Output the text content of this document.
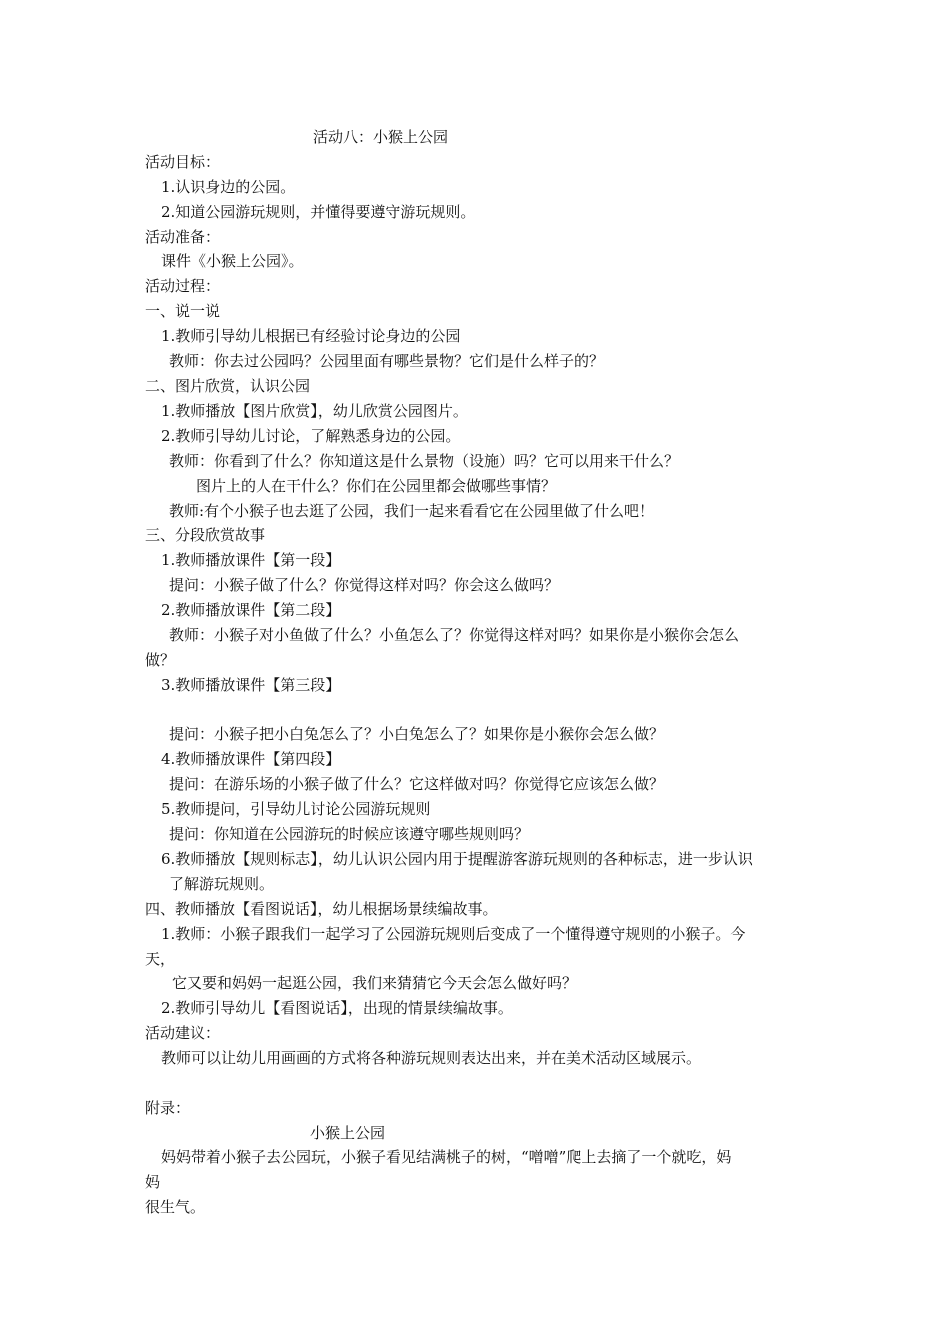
活动八：小猴上公园
活动目标：
1.认识身边的公园。
2.知道公园游玩规则，并懂得要遵守游玩规则。
活动准备：
课件《小猴上公园》。
活动过程：
一、说一说
1.教师引导幼儿根据已有经验讨论身边的公园
教师：你去过公园吗？公园里面有哪些景物？它们是什么样子的？
二、图片欣赏，认识公园
1.教师播放【图片欣赏】，幼儿欣赏公园图片。
2.教师引导幼儿讨论，了解熟悉身边的公园。
教师：你看到了什么？你知道这是什么景物（设施）吗？它可以用来干什么？
图片上的人在干什么？你们在公园里都会做哪些事情？
教师:有个小猴子也去逛了公园，我们一起来看看它在公园里做了什么吧！
三、分段欣赏故事
1.教师播放课件【第一段】
提问：小猴子做了什么？你觉得这样对吗？你会这么做吗？
2.教师播放课件【第二段】
教师：小猴子对小鱼做了什么？小鱼怎么了？你觉得这样对吗？如果你是小猴你会怎么
做？
3.教师播放课件【第三段】
提问：小猴子把小白兔怎么了？小白兔怎么了？如果你是小猴你会怎么做？
4.教师播放课件【第四段】
提问：在游乐场的小猴子做了什么？它这样做对吗？你觉得它应该怎么做？
5.教师提问，引导幼儿讨论公园游玩规则
提问：你知道在公园游玩的时候应该遵守哪些规则吗？
6.教师播放【规则标志】，幼儿认识公园内用于提醒游客游玩规则的各种标志，进一步认识
了解游玩规则。
四、教师播放【看图说话】，幼儿根据场景续编故事。
1.教师：小猴子跟我们一起学习了公园游玩规则后变成了一个懂得遵守规则的小猴子。今
天，
它又要和妈妈一起逛公园，我们来猜猜它今天会怎么做好吗？
2.教师引导幼儿【看图说话】，出现的情景续编故事。
活动建议：
教师可以让幼儿用画画的方式将各种游玩规则表达出来，并在美术活动区域展示。
附录：
小猴上公园
妈妈带着小猴子去公园玩，小猴子看见结满桃子的树，“噌噌”爬上去摘了一个就吃，妈
妈
很生气。
